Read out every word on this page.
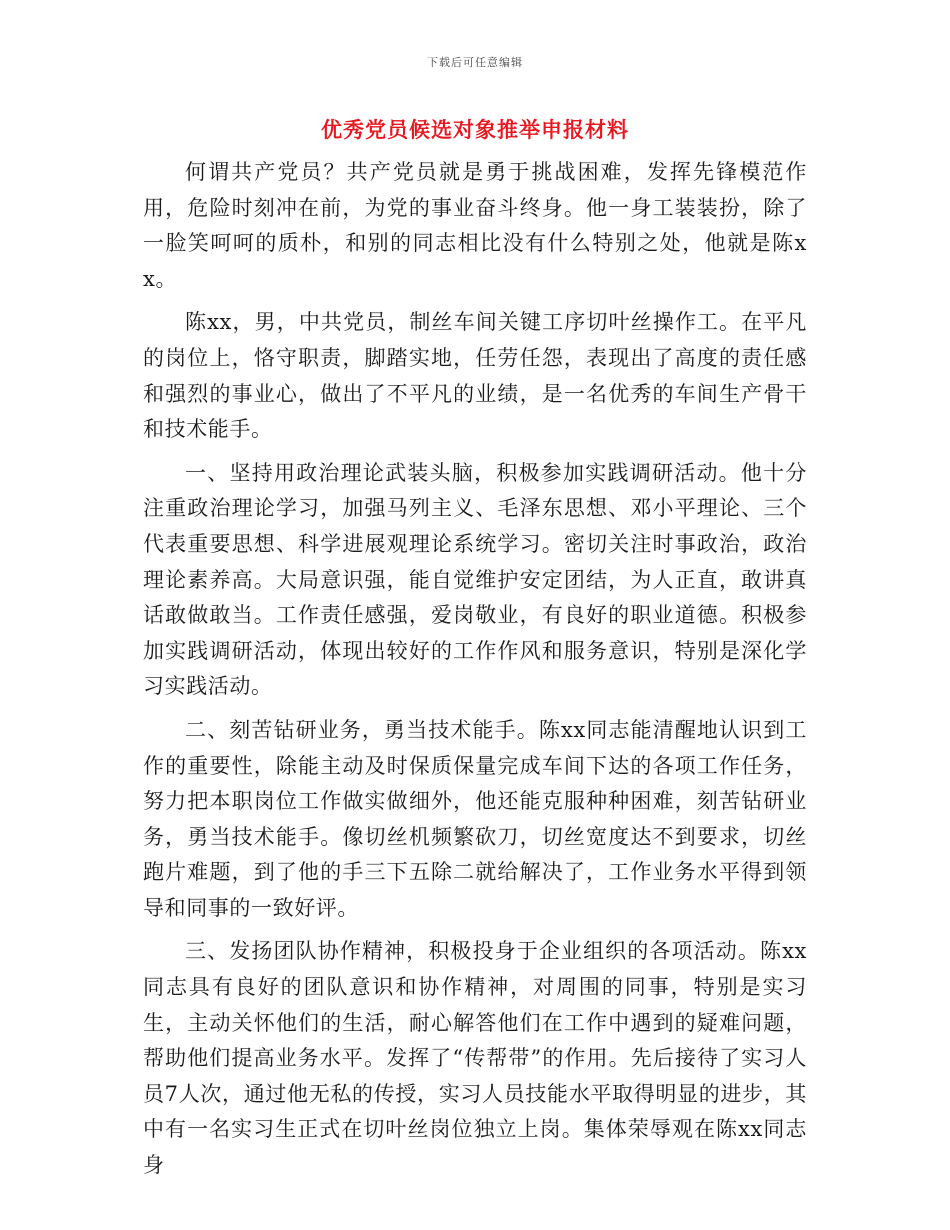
下载后可任意编辑
优秀党员候选对象推举申报材料

何谓共产党员？共产党员就是勇于挑战困难，发挥先锋模范作用，危险时刻冲在前，为党的事业奋斗终身。他一身工装装扮，除了一脸笑呵呵的质朴，和别的同志相比没有什么特别之处，他就是陈xx。

陈xx，男，中共党员，制丝车间关键工序切叶丝操作工。在平凡的岗位上，恪守职责，脚踏实地，任劳任怨，表现出了高度的责任感和强烈的事业心，做出了不平凡的业绩，是一名优秀的车间生产骨干和技术能手。

一、坚持用政治理论武装头脑，积极参加实践调研活动。他十分注重政治理论学习，加强马列主义、毛泽东思想、邓小平理论、三个代表重要思想、科学进展观理论系统学习。密切关注时事政治，政治理论素养高。大局意识强，能自觉维护安定团结，为人正直，敢讲真话敢做敢当。工作责任感强，爱岗敬业，有良好的职业道德。积极参加实践调研活动，体现出较好的工作作风和服务意识，特别是深化学习实践活动。

二、刻苦钻研业务，勇当技术能手。陈xx同志能清醒地认识到工作的重要性，除能主动及时保质保量完成车间下达的各项工作任务，努力把本职岗位工作做实做细外，他还能克服种种困难，刻苦钻研业务，勇当技术能手。像切丝机频繁砍刀，切丝宽度达不到要求，切丝跑片难题，到了他的手三下五除二就给解决了，工作业务水平得到领导和同事的一致好评。

三、发扬团队协作精神，积极投身于企业组织的各项活动。陈xx同志具有良好的团队意识和协作精神，对周围的同事，特别是实习生，主动关怀他们的生活，耐心解答他们在工作中遇到的疑难问题，帮助他们提高业务水平。发挥了“传帮带”的作用。先后接待了实习人员7人次，通过他无私的传授，实习人员技能水平取得明显的进步，其中有一名实习生正式在切叶丝岗位独立上岗。集体荣辱观在陈xx同志身
